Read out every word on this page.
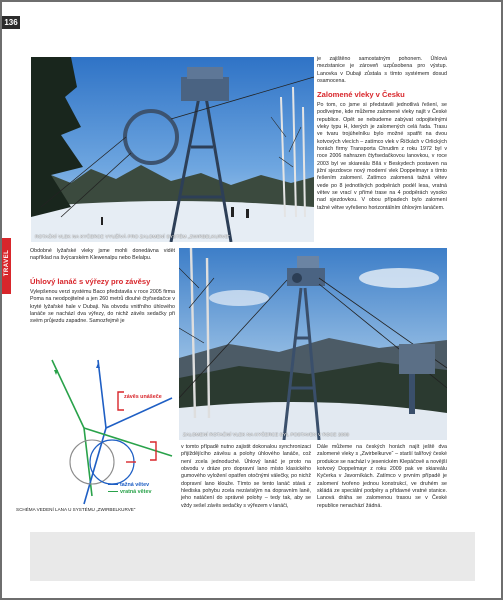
136
TRAVEL
ROTAČNÍ VLEK NA KYČERCE VYUŽÍVÁ PRO ZALOMENÍ SYSTÉM „ZWIRBELKURVE“
je zajištěno samostatným pohonem. Úhlová mezistanice je zároveň uzpůsobena pro výstup. Lanovka v Dubaji zůstala s tímto systémem dosud osamocena.
Zalomené vleky v Česku
Po tom, co jsme si představili jednotlivá řešení, se podívejme, kde můžeme zalomené vleky najít v České republice. Opět se nebudeme zabývat odpojitelnými vleky typu H, kterých je zalomených celá řada. Trasu ve tvaru trojúhelníku bylo možné spatřit na dvou kotvových vlecích – zatímco vlek v Říčkách v Orlických horách firmy Transporta Chrudim z roku 1972 byl v roce 2006 nahrazen čtyřsedačkovou lanovkou, v roce 2003 byl ve skiareálu Bílá v Beskydech postaven na jižní sjezdovce nový moderní vlek Doppelmayr s tímto řešením zalomení. Zatímco zalomená tažná větev vede po 8 jednotlivých podpěrách podél lesa, vratná větev se vrací v přímé trase na 4 podpěrách vysoko nad sjezdovkou. V obou případech bylo zalomení tažné větve vyřešeno horizontálním úhlovým lanáčem.
Obdobné lyžařské vleky jsme mohli donedávna vidět například na švýcarském Klewenalpu nebo Belalpu.
Úhlový lanáč s výřezy pro závěsy
Vylepšenou verzi systému Baco představila v roce 2005 firma Poma na neodpojitelné a jen 260 metrů dlouhé čtyřsedačce v kryté lyžařské hale v Dubaji. Na obvodu vnitřního úhlového lanáče se nachází dva výřezy, do nichž závěs sedačky při svém průjezdu zapadne. Samozřejmě je
ZALOMENÍ ROTAČNÍ VLEK NA KYČERCE BYL POSTAVEN V ROCE 2009
závěs unášeče
tažná větev
vratná větev
SCHÉMA VEDENÍ LANA U SYSTÉMU „ZWIRBELKURVE“
v tomto případě nutno zajistit dokonalou synchronizaci přijíždějícího závěsu a polohy úhlového lanáče, což není zcela jednoduché. Úhlový lanáč je proto na obvodu v dráze pro dopravní lano místo klasického gumového vyložení opatřen otočnými válečky, po nichž dopravní lano klouže. Tímto se tento lanáč stává z hlediska pohybu zcela nezávislým na dopravním laně, jeho natáčení do správné polohy – tedy tak, aby se vždy sešel závěs sedačky s výřezem v lanáči,
Dále můžeme na českých horách najít ještě dva zalomené vleky s „Zwirbelkurve“ – starší talířový české produkce se nachází v jesenickém Klepáčově a novější kotvový Doppelmayr z roku 2009 pak ve skiareálu Kyčerka v Javorníkách. Zatímco v prvním případě je zalomení tvořeno jednou konstrukcí, ve druhém se skládá ze speciální podpěry a přídavné vratné stanice. Lanová dráha se zalomenou trasou se v České republice nenachází žádná.
